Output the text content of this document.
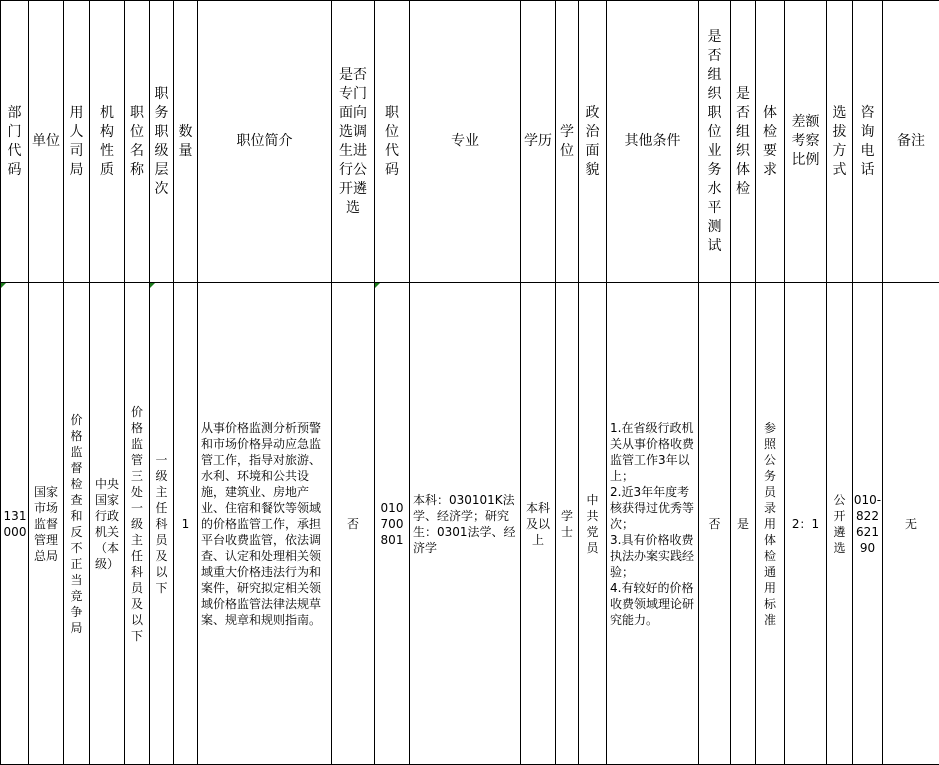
部门代码	单位	用人司局	机构性质	职位名称	职务职级层次	数量	职位简介	是否专门面向选调生进行公开遴选	职位代码	专业	学历	学位	政治面貌	其他条件	是否组织职位业务水平测试	是否组织体检	体检要求	差额考察比例	选拔方式	咨询电话	备注

131000	国家市场监督管理总局	价格监督检查和反不正当竞争局	中央国家行政机关（本级）	价格监管三处一级主任科员及以下	一级主任科员及以下	1	从事价格监测分析预警和市场价格异动应急监管工作，指导对旅游、水利、环境和公共设施，建筑业、房地产业、住宿和餐饮等领域的价格监管工作，承担平台收费监管，依法调查、认定和处理相关领域重大价格违法行为和案件，研究拟定相关领域价格监管法律法规草案、规章和规则指南。	否	010700801	本科：030101K法学、经济学；研究生：0301法学、经济学	本科及以上	学士	中共党员	1.在省级行政机关从事价格收费监管工作3年以上；
2.近3年年度考核获得过优秀等次；
3.具有价格收费执法办案实践经验；
4.有较好的价格收费领域理论研究能力。	否	是	参照公务员录用体检通用标准	2：1	公开遴选	010-82262190	无
